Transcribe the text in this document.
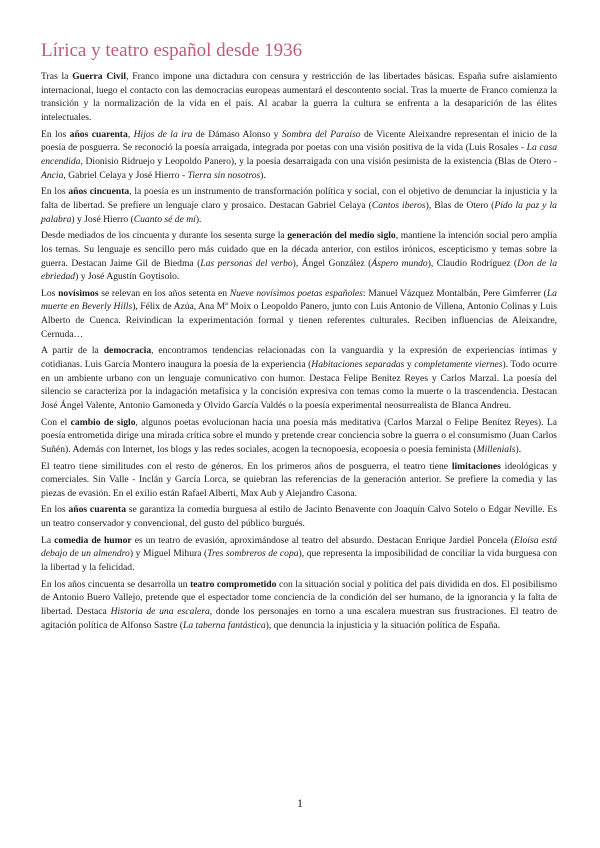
Lírica y teatro español desde 1936

Tras la Guerra Civil, Franco impone una dictadura con censura y restricción de las libertades básicas. España sufre aislamiento internacional, luego el contacto con las democracias europeas aumentará el descontento social. Tras la muerte de Franco comienza la transición y la normalización de la vida en el país. Al acabar la guerra la cultura se enfrenta a la desaparición de las élites intelectuales.

En los años cuarenta, Hijos de la ira de Dámaso Alonso y Sombra del Paraíso de Vicente Aleixandre representan el inicio de la poesía de posguerra. Se reconoció la poesía arraigada, integrada por poetas con una visión positiva de la vida (Luis Rosales - La casa encendida, Dionisio Ridruejo y Leopoldo Panero), y la poesía desarraigada con una visión pesimista de la existencia (Blas de Otero - Ancia, Gabriel Celaya y José Hierro - Tierra sin nosotros).

En los años cincuenta, la poesía es un instrumento de transformación política y social, con el objetivo de denunciar la injusticia y la falta de libertad. Se prefiere un lenguaje claro y prosaico. Destacan Gabriel Celaya (Cantos iberos), Blas de Otero (Pido la paz y la palabra) y José Hierro (Cuanto sé de mí).

Desde mediados de los cincuenta y durante los sesenta surge la generación del medio siglo, mantiene la intención social pero amplía los temas. Su lenguaje es sencillo pero más cuidado que en la década anterior, con estilos irónicos, escepticismo y temas sobre la guerra. Destacan Jaime Gil de Biedma (Las personas del verbo), Ángel González (Áspero mundo), Claudio Rodríguez (Don de la ebriedad) y José Agustín Goytisolo.

Los novísimos se relevan en los años setenta en Nueve novísimos poetas españoles: Manuel Vázquez Montalbán, Pere Gimferrer (La muerte en Beverly Hills), Félix de Azúa, Ana Mª Moix o Leopoldo Panero, junto con Luis Antonio de Villena, Antonio Colinas y Luis Alberto de Cuenca. Reivindican la experimentación formal y tienen referentes culturales. Reciben influencias de Aleixandre, Cernuda…

A partir de la democracia, encontramos tendencias relacionadas con la vanguardia y la expresión de experiencias íntimas y cotidianas. Luis García Montero inaugura la poesía de la experiencia (Habitaciones separadas y completamente viernes). Todo ocurre en un ambiente urbano con un lenguaje comunicativo con humor. Destaca Felipe Benítez Reyes y Carlos Marzal. La poesía del silencio se caracteriza por la indagación metafísica y la concisión expresiva con temas como la muerte o la trascendencia. Destacan José Ángel Valente, Antonio Gamoneda y Olvido García Valdés o la poesía experimental neosurrealista de Blanca Andreu.

Con el cambio de siglo, algunos poetas evolucionan hacia una poesía más meditativa (Carlos Marzal o Felipe Benítez Reyes). La poesía entrometida dirige una mirada crítica sobre el mundo y pretende crear conciencia sobre la guerra o el consumismo (Juan Carlos Suñén). Además con Internet, los blogs y las redes sociales, acogen la tecnopoesía, ecopoesía o poesía feminista (Millenials).

El teatro tiene similitudes con el resto de géneros. En los primeros años de posguerra, el teatro tiene limitaciones ideológicas y comerciales. Sin Valle - Inclán y García Lorca, se quiebran las referencias de la generación anterior. Se prefiere la comedia y las piezas de evasión. En el exilio están Rafael Alberti, Max Aub y Alejandro Casona.

En los años cuarenta se garantiza la comedia burguesa al estilo de Jacinto Benavente con Joaquín Calvo Sotelo o Edgar Neville. Es un teatro conservador y convencional, del gusto del público burgués.

La comedia de humor es un teatro de evasión, aproximándose al teatro del absurdo. Destacan Enrique Jardiel Poncela (Eloísa está debajo de un almendro) y Miguel Mihura (Tres sombreros de copa), que representa la imposibilidad de conciliar la vida burguesa con la libertad y la felicidad.

En los años cincuenta se desarrolla un teatro comprometido con la situación social y política del país dividida en dos. El posibilismo de Antonio Buero Vallejo, pretende que el espectador tome conciencia de la condición del ser humano, de la ignorancia y la falta de libertad. Destaca Historia de una escalera, donde los personajes en torno a una escalera muestran sus frustraciones. El teatro de agitación política de Alfonso Sastre (La taberna fantástica), que denuncia la injusticia y la situación política de España.

1
